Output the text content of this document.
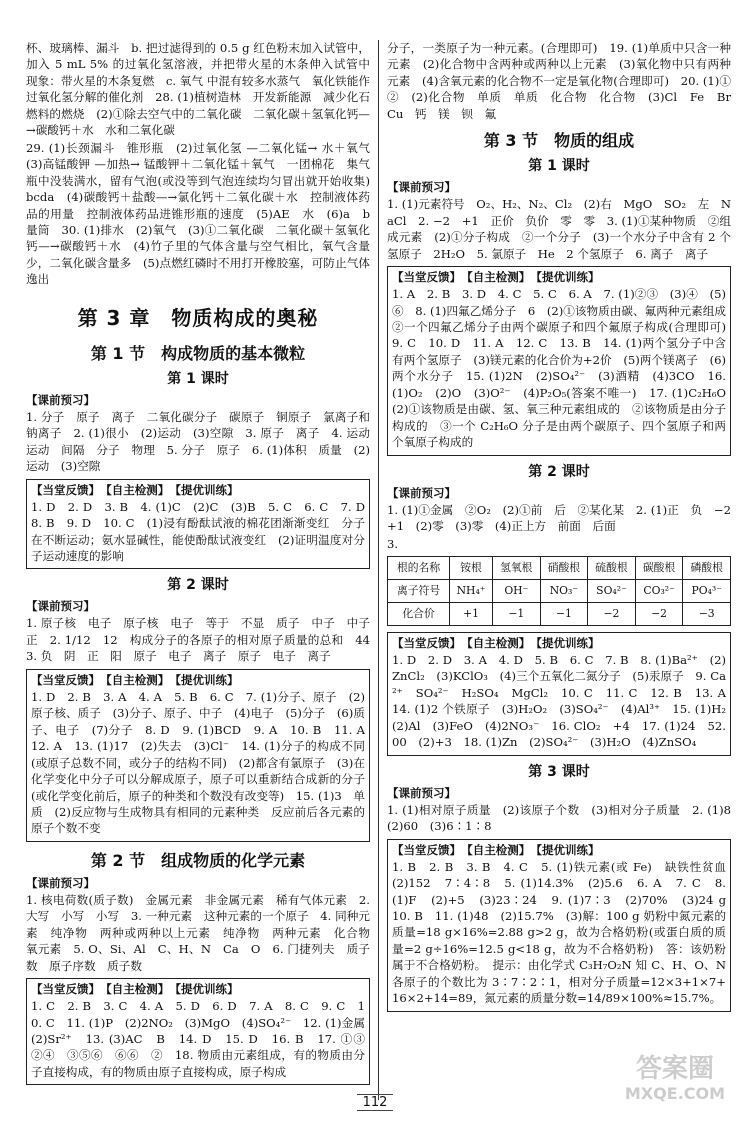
杯、玻璃棒、漏斗　b. 把过滤得到的 0.5 g 红色粉末加入试管中，加入 5 mL 5% 的过氧化氢溶液，并把带火星的木条伸入试管中　现象：带火星的木条复燃　c. 氧气 中混有较多水蒸气　氧化铁能作过氧化氢分解的催化剂　28. (1)植树造林　开发新能源　减少化石燃料的燃烧　(2)①除去空气中的二氧化碳　二氧化碳＋氢氧化钙—→碳酸钙＋水　水和二氧化碳

29. (1)长颈漏斗　锥形瓶　(2)过氧化氢 —二氧化锰→ 水＋氧气　(3)高锰酸钾 —加热→ 锰酸钾＋二氧化锰＋氧气　一团棉花　集气瓶中没装满水，留有气泡(或没等到气泡连续均匀冒出就开始收集)　bcda　(4)碳酸钙＋盐酸—→氯化钙＋二氧化碳＋水　控制液体药品的用量　控制液体药品进锥形瓶的速度　(5)AE　水　(6)a　b　量筒　30. (1)排水　(2)氧气　(3)①二氧化碳　二氧化碳＋氢氧化钙—→碳酸钙＋水　(4)竹子里的气体含量与空气相比，氧气含量少，二氧化碳含量多　(5)点燃红磷时不用打开橡胶塞，可防止气体逸出

第 3 章　物质构成的奥秘
第 1 节　构成物质的基本微粒
第 1 课时
【课前预习】

1. 分子　原子　离子　二氧化碳分子　碳原子　铜原子　氯离子和钠离子　2. (1)很小　(2)运动　(3)空隙　3. 原子　离子　4. 运动　运动　间隔　分子　物理　5. 分子　原子　6. (1)体积　质量　(2)运动　(3)空隙

【当堂反馈】 【自主检测】 【提优训练】

1. D　2. D　3. B　4. (1)C　(2)C　(3)B　5. C　6. C　7. D　8. B　9. D　10. C　(1)浸有酚酞试液的棉花团渐渐变红　分子在不断运动；氨水显碱性，能使酚酞试液变红　(2)证明温度对分子运动速度的影响

第 2 课时
【课前预习】

1. 原子核　电子　原子核　电子　等于　不显　质子　中子　中子　正　2. 1/12　12　构成分子的各原子的相对原子质量的总和　44　3. 负　阴　正　阳　原子　电子　离子　原子　电子　离子

【当堂反馈】 【自主检测】 【提优训练】

1. D　2. B　3. A　4. A　5. B　6. C　7. (1)分子、原子　(2)原子核、质子　(3)分子、原子、中子　(4)电子　(5)分子　(6)质子、电子　(7)分子　8. D　9. (1)BCD　9. A　10. B　11. A　12. A　13. (1)17　(2)失去　(3)Cl⁻　14. (1)分子的构成不同(或原子总数不同，或分子的结构不同)　(2)都含有氯原子　(3)在化学变化中分子可以分解成原子，原子可以重新结合成新的分子(或化学变化前后，原子的种类和个数没有改变等)　15. (1)3　单质　(2)反应物与生成物具有相同的元素种类　反应前后各元素的原子个数不变

第 2 节　组成物质的化学元素
【课前预习】

1. 核电荷数(质子数)　金属元素　非金属元素　稀有气体元素　2. 大写　小写　小写　3. 一种元素　这种元素的一个原子　4. 同种元素　纯净物　两种或两种以上元素　纯净物　两种元素　化合物　氧元素　5. O、Si、Al　C、H、N　Ca　O　6. 门捷列夫　质子数　原子序数　质子数

【当堂反馈】 【自主检测】 【提优训练】

1. C　2. B　3. C　4. A　5. D　6. D　7. A　8. C　9. C　10. C　11. (1)P　(2)2NO₂　(3)MgO　(4)SO₄²⁻　12. (1)金属　(2)Sr²⁺　13. (3)AC　B　14. D　15. D　16. B　17. ①③　②④　③⑤⑥　⑥⑥　②　18. 物质由元素组成，有的物质由分子直接构成，有的物质由原子直接构成，原子构成

分子，一类原子为一种元素。(合理即可)　19. (1)单质中只含一种元素　(2)化合物中含两种或两种以上元素　(3)氧化物中只有两种元素　(4)含氧元素的化合物不一定是氧化物(合理即可)　20. (1)①　②　(2)化合物　单质　单质　化合物　化合物　(3)Cl　Fe　Br　Cu　钙　镁　钡　氟

第 3 节　物质的组成
第 1 课时
【课前预习】

1. (1)元素符号　O₂、H₂、N₂、Cl₂　(2)右　MgO　SO₂　左　NaCl　2. −2　+1　正价　负价　零　零　3. (1)①某种物质　②组成元素　(2)①分子构成　②一个分子　(3)一个水分子中含有 2 个氢原子　2H₂O　5. 氯原子　He　2 个氢原子　6. 离子　离子

【当堂反馈】 【自主检测】 【提优训练】

1. A　2. B　3. D　4. C　5. C　6. A　7. (1)②③　(3)④　(5)⑥　8. (1)四氟乙烯分子　6　(2)①该物质由碳、氟两种元素组成　②一个四氟乙烯分子由两个碳原子和四个氟原子构成(合理即可)　9. C　10. D　11. A　12. C　13. B　14. (1)两个氢分子中含有两个氢原子　(3)镁元素的化合价为+2价　(5)两个镁离子　(6)两个水分子　15. (1)2N　(2)SO₄²⁻　(3)酒精　(4)3CO　16. (1)O₂　(2)O　(3)O²⁻　(4)P₂O₅(答案不唯一)　17. (1)C₂H₆O　(2)①该物质是由碳、氢、氧三种元素组成的　②该物质是由分子构成的　③一个 C₂H₆O 分子是由两个碳原子、四个氢原子和两个氧原子构成的

第 2 课时
【课前预习】

1. (1)①金属　②O₂　(2)①前　后　②某化某　2. (1)正　负　−2　+1　(2)零　(3)零　(4)正上方　前面　后面

3.
根的名称	铵根	氢氧根	硝酸根	硫酸根	碳酸根	磷酸根
离子符号	NH₄⁺	OH⁻	NO₃⁻	SO₄²⁻	CO₃²⁻	PO₄³⁻
化合价	+1	−1	−1	−2	−2	−3
【当堂反馈】 【自主检测】 【提优训练】

1. D　2. D　3. A　4. D　5. B　6. C　7. B　8. (1)Ba²⁺　(2)ZnCl₂　(3)KClO₃　(4)三个五氧化二氮分子　(5)汞原子　9. Ca²⁺　SO₄²⁻　H₂SO₄　MgCl₂　10. C　11. C　12. B　13. A　14. (1)2 个铁原子　(3)H₂O₂　(3)SO₄²⁻　(4)Al³⁺　15. (1)H₂　(2)Al　(3)FeO　(4)2NO₃⁻　16. ClO₂　+4　17. (1)24　52.00　(2)+3　18. (1)Zn　(2)SO₄²⁻　(3)H₂O　(4)ZnSO₄

第 3 课时
【课前预习】

1. (1)相对原子质量　(2)该原子个数　(3)相对分子质量　2. (1)8　(2)60　(3)6∶1∶8

【当堂反馈】 【自主检测】 【提优训练】

1. B　2. B　3. B　4. C　5. (1)铁元素(或 Fe)　缺铁性贫血　(2)152　7∶4∶8　5. (1)14.3%　(2)5.6　6. A　7. C　8. (1)F　(2)+5　(3)23∶24　9. (1)7∶3　(2)70%　(3)24 g　10. B　11. (1)48　(2)15.7%　(3)解：100 g 奶粉中氮元素的质量=18 g×16%=2.88 g>2 g，故为合格奶粉(或蛋白质的质量=2 g÷16%=12.5 g<18 g，故为不合格奶粉)　答：该奶粉属于不合格奶粉。　提示：由化学式 C₃H₇O₂N 知 C、H、O、N 各原子的个数比为 3∶7∶2∶1，相对分子质量=12×3+1×7+16×2+14=89，氮元素的质量分数=14/89×100%≈15.7%。

112
答案圈
MXQE.COM
